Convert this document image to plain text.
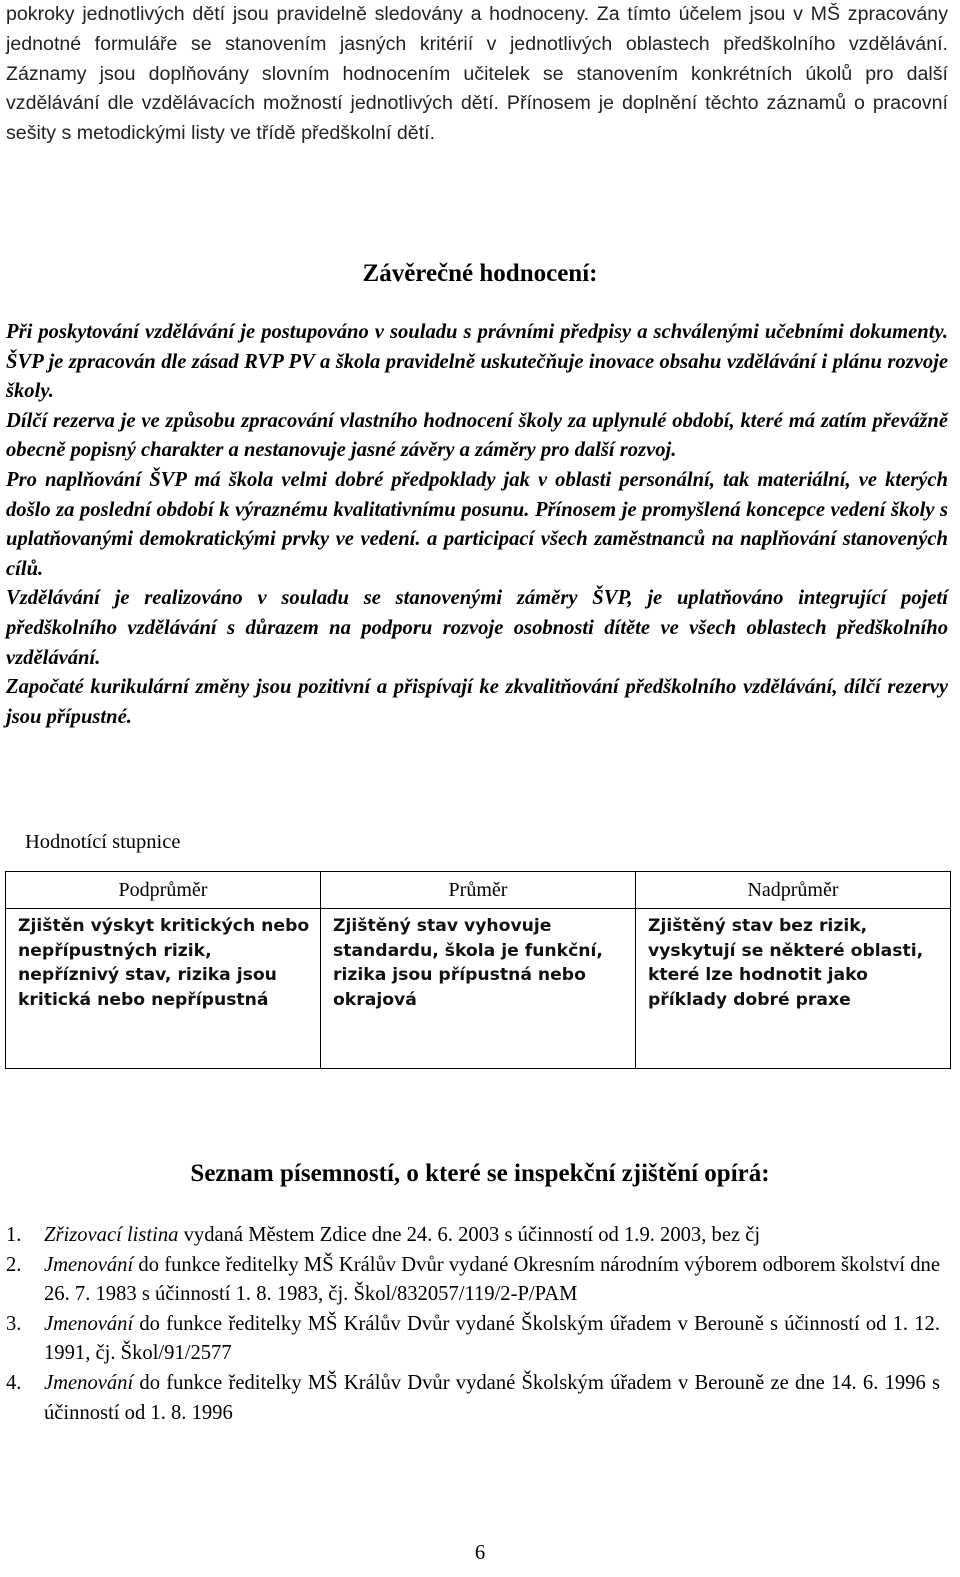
pokroky jednotlivých dětí jsou pravidelně sledovány a hodnoceny. Za tímto účelem jsou v MŠ zpracovány jednotné formuláře se stanovením jasných kritérií v jednotlivých oblastech předškolního vzdělávání. Záznamy jsou doplňovány slovním hodnocením učitelek se stanovením konkrétních úkolů pro další vzdělávání dle vzdělávacích možností jednotlivých dětí. Přínosem je doplnění těchto záznamů o pracovní sešity s metodickými listy ve třídě předškolní dětí.

Závěrečné hodnocení:

Při poskytování vzdělávání je postupováno v souladu s právními předpisy a schválenými učebními dokumenty. ŠVP je zpracován dle zásad RVP PV a škola pravidelně uskutečňuje inovace obsahu vzdělávání i plánu rozvoje školy.

Dílčí rezerva je ve způsobu zpracování vlastního hodnocení školy za uplynulé období, které má zatím převážně obecně popisný charakter a nestanovuje jasné závěry a záměry pro další rozvoj.

Pro naplňování ŠVP má škola velmi dobré předpoklady jak v oblasti personální, tak materiální, ve kterých došlo za poslední období k výraznému kvalitativnímu posunu. Přínosem je promyšlená koncepce vedení školy s uplatňovanými demokratickými prvky ve vedení. a participací všech zaměstnanců na naplňování stanovených cílů.

Vzdělávání je realizováno v souladu se stanovenými záměry ŠVP, je uplatňováno integrující pojetí předškolního vzdělávání s důrazem na podporu rozvoje osobnosti dítěte ve všech oblastech předškolního vzdělávání.

Započaté kurikulární změny jsou pozitivní a přispívají ke zkvalitňování předškolního vzdělávání, dílčí rezervy jsou přípustné.

Hodnotící stupnice

Podprůměr	Průměr	Nadprůměr
Zjištěn výskyt kritických nebo nepřípustných rizik, nepříznivý stav, rizika jsou kritická nebo nepřípustná	Zjištěný stav vyhovuje standardu, škola je funkční, rizika jsou přípustná nebo okrajová	Zjištěný stav bez rizik, vyskytují se některé oblasti, které lze hodnotit jako příklady dobré praxe
Seznam písemností, o které se inspekční zjištění opírá:
1. Zřizovací listina vydaná Městem Zdice dne 24. 6. 2003 s účinností od 1.9. 2003, bez čj
2. Jmenování do funkce ředitelky MŠ Králův Dvůr vydané Okresním národním výborem odborem školství dne 26. 7. 1983 s účinností 1. 8. 1983, čj. Škol/832057/119/2-P/PAM
3. Jmenování do funkce ředitelky MŠ Králův Dvůr vydané Školským úřadem v Berouně s účinností od 1. 12. 1991, čj. Škol/91/2577
4. Jmenování do funkce ředitelky MŠ Králův Dvůr vydané Školským úřadem v Berouně ze dne 14. 6. 1996 s účinností od 1. 8. 1996

6
